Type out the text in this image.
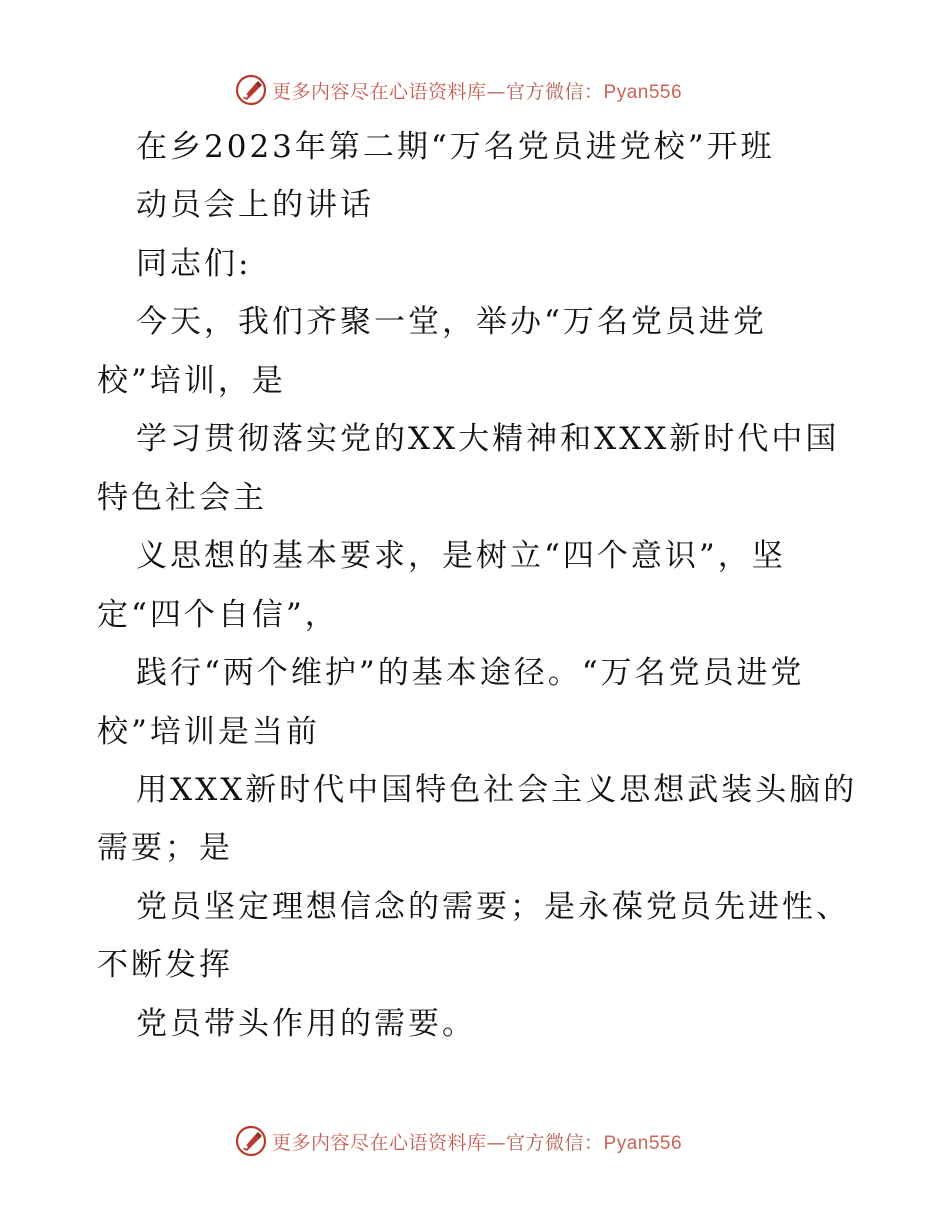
更多内容尽在心语资料库—官方微信：Pyan556
在乡2023年第二期“万名党员进党校”开班
动员会上的讲话
同志们:
今天，我们齐聚一堂，举办“万名党员进党
校”培训，是
学习贯彻落实党的XX大精神和XXX新时代中国
特色社会主
义思想的基本要求，是树立“四个意识”，坚
定“四个自信”，
践行“两个维护”的基本途径。“万名党员进党
校”培训是当前
用XXX新时代中国特色社会主义思想武装头脑的
需要；是
党员坚定理想信念的需要；是永葆党员先进性、
不断发挥
党员带头作用的需要。
更多内容尽在心语资料库—官方微信：Pyan556
